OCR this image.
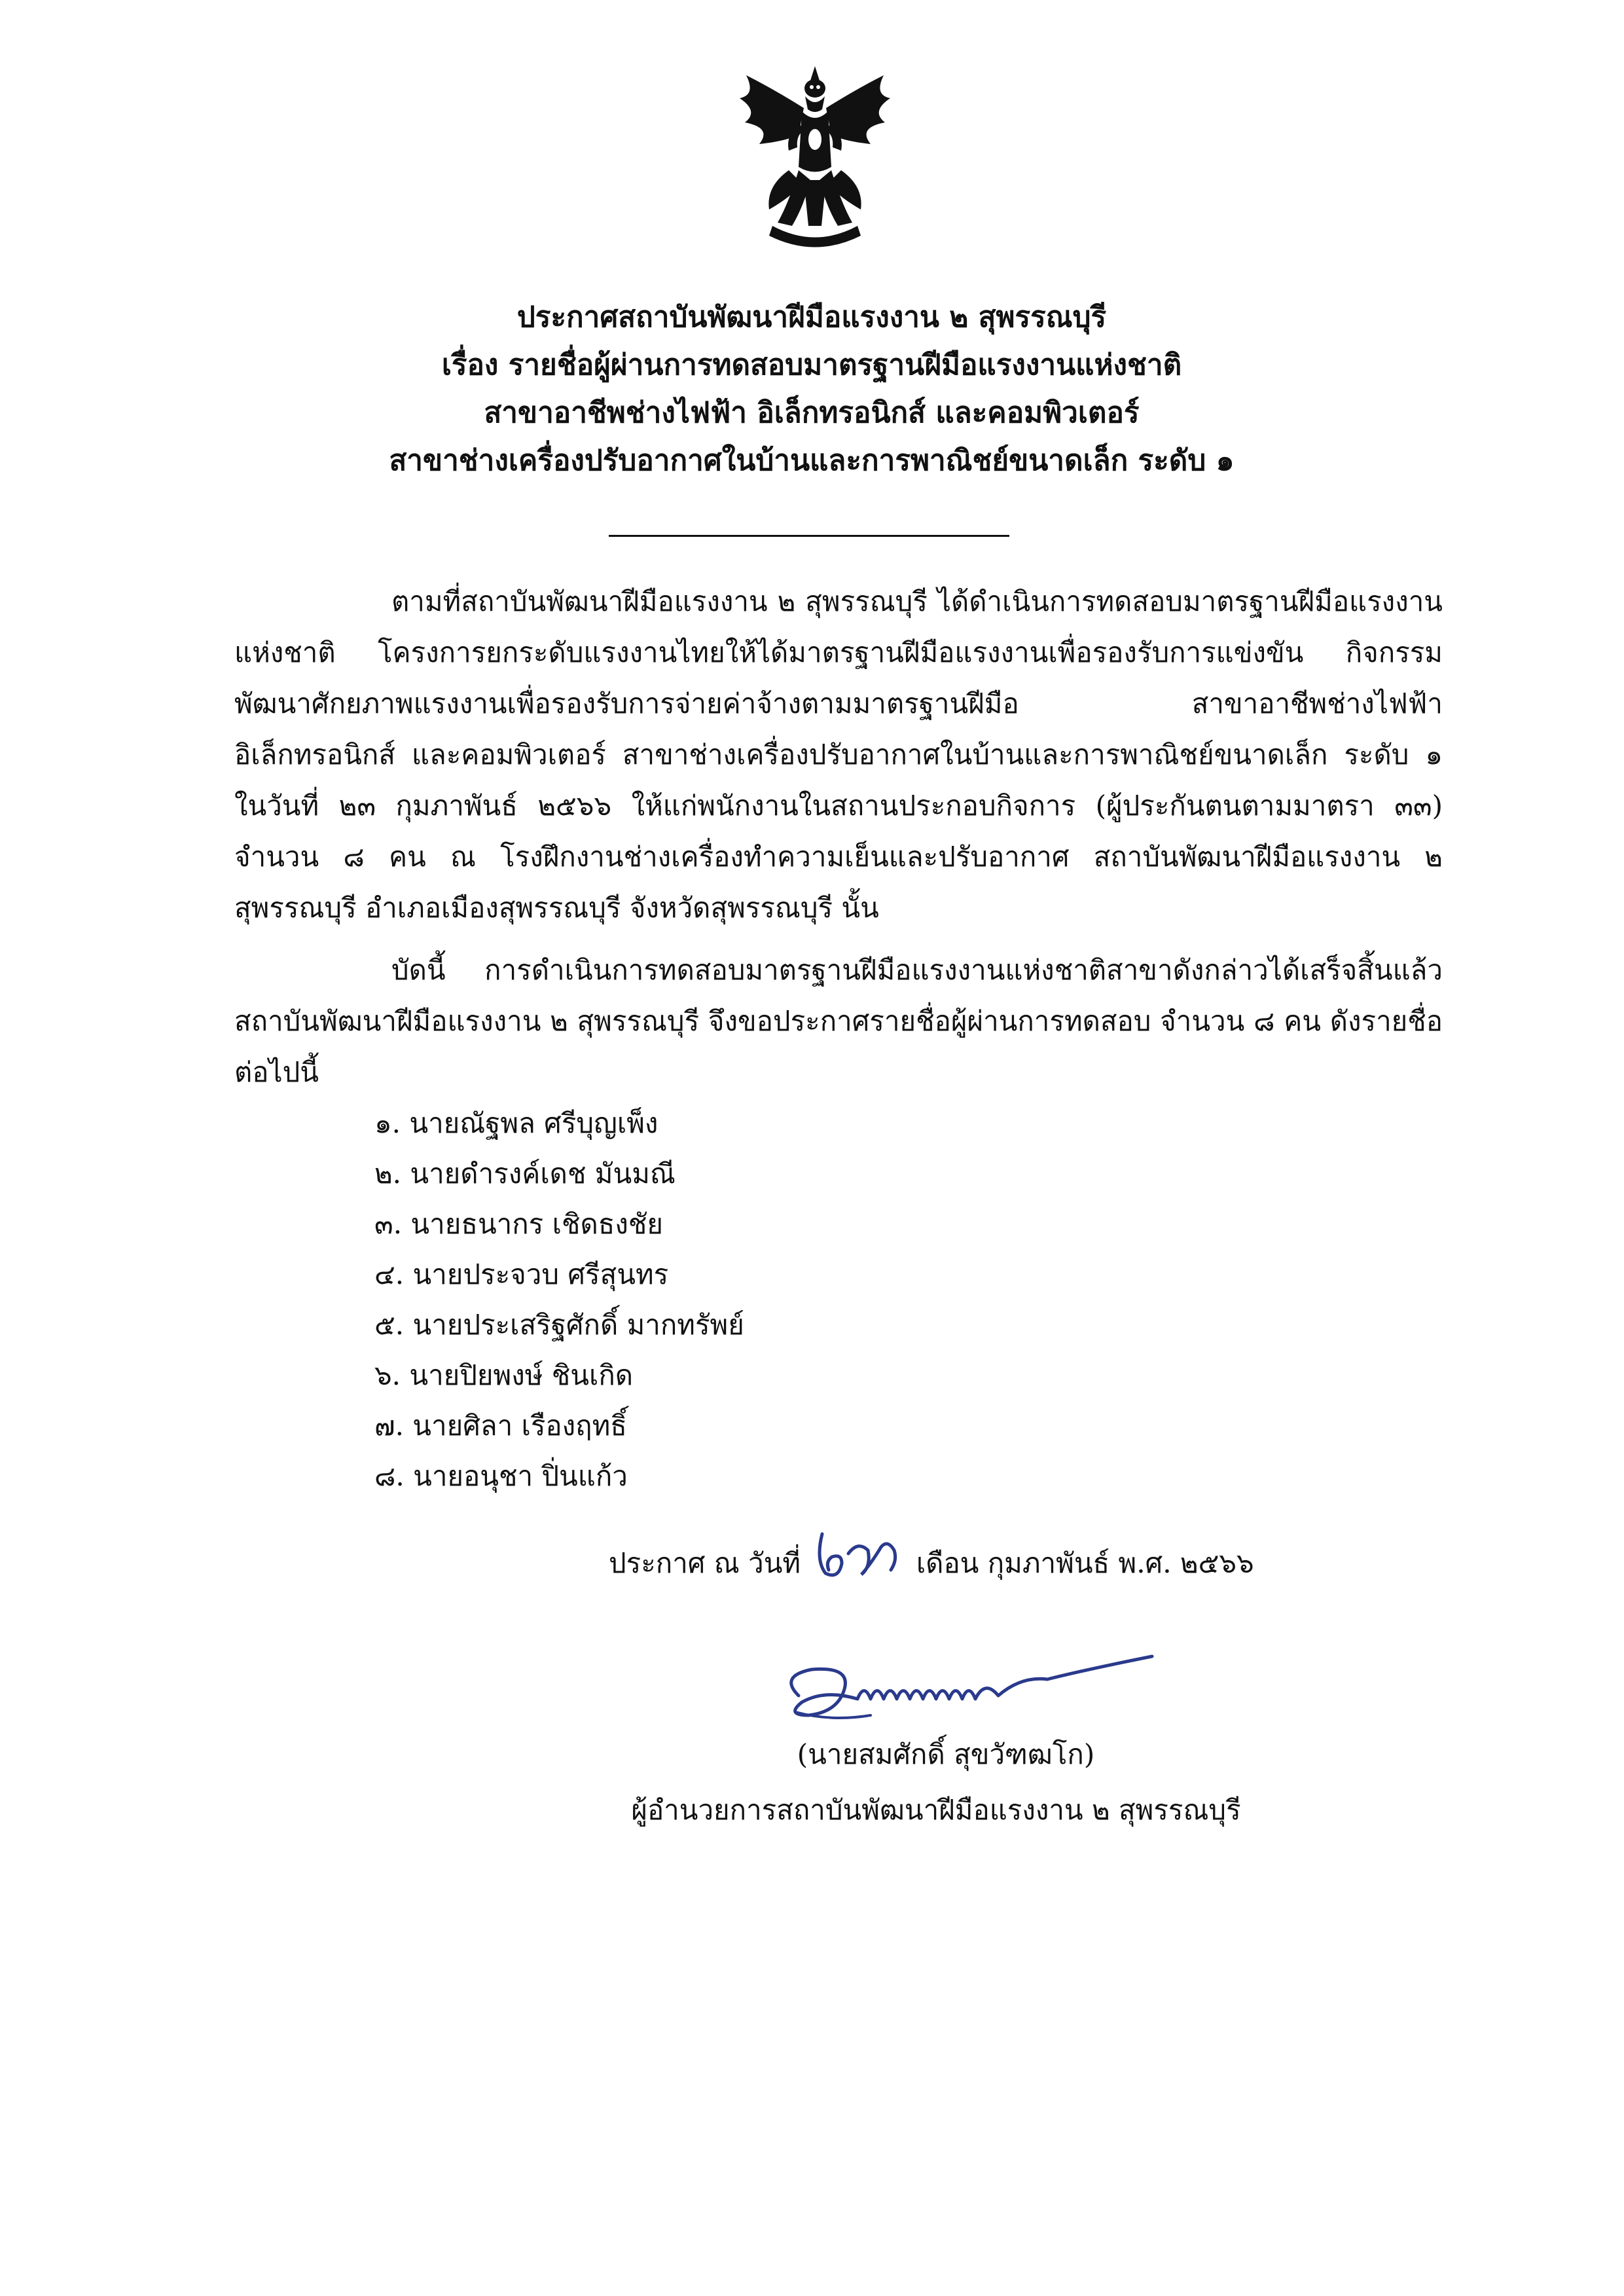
ประกาศสถาบันพัฒนาฝีมือแรงงาน ๒ สุพรรณบุรี
เรื่อง รายชื่อผู้ผ่านการทดสอบมาตรฐานฝีมือแรงงานแห่งชาติ
สาขาอาชีพช่างไฟฟ้า อิเล็กทรอนิกส์ และคอมพิวเตอร์
สาขาช่างเครื่องปรับอากาศในบ้านและการพาณิชย์ขนาดเล็ก ระดับ ๑
ตามที่สถาบันพัฒนาฝีมือแรงงาน ๒ สุพรรณบุรี ได้ดำเนินการทดสอบมาตรฐานฝีมือแรงงานแห่งชาติ โครงการยกระดับแรงงานไทยให้ได้มาตรฐานฝีมือแรงงานเพื่อรองรับการแข่งขัน กิจกรรมพัฒนาศักยภาพแรงงานเพื่อรองรับการจ่ายค่าจ้างตามมาตรฐานฝีมือ สาขาอาชีพช่างไฟฟ้า อิเล็กทรอนิกส์ และคอมพิวเตอร์ สาขาช่างเครื่องปรับอากาศในบ้านและการพาณิชย์ขนาดเล็ก ระดับ ๑ ในวันที่ ๒๓ กุมภาพันธ์ ๒๕๖๖ ให้แก่พนักงานในสถานประกอบกิจการ (ผู้ประกันตนตามมาตรา ๓๓) จำนวน ๘ คน ณ โรงฝึกงานช่างเครื่องทำความเย็นและปรับอากาศ สถาบันพัฒนาฝีมือแรงงาน ๒ สุพรรณบุรี อำเภอเมืองสุพรรณบุรี จังหวัดสุพรรณบุรี นั้น
บัดนี้ การดำเนินการทดสอบมาตรฐานฝีมือแรงงานแห่งชาติสาขาดังกล่าวได้เสร็จสิ้นแล้ว สถาบันพัฒนาฝีมือแรงงาน ๒ สุพรรณบุรี จึงขอประกาศรายชื่อผู้ผ่านการทดสอบ จำนวน ๘ คน ดังรายชื่อต่อไปนี้
๑. นายณัฐพล ศรีบุญเพ็ง
๒. นายดำรงค์เดช มันมณี
๓. นายธนากร เชิดธงชัย
๔. นายประจวบ ศรีสุนทร
๕. นายประเสริฐศักดิ์ มากทรัพย์
๖. นายปิยพงษ์ ชินเกิด
๗. นายศิลา เรืองฤทธิ์
๘. นายอนุชา ปิ่นแก้ว
ประกาศ ณ วันที่	เดือน กุมภาพันธ์ พ.ศ. ๒๕๖๖
(นายสมศักดิ์ สุขวัฑฒโก)
ผู้อำนวยการสถาบันพัฒนาฝีมือแรงงาน ๒ สุพรรณบุรี
